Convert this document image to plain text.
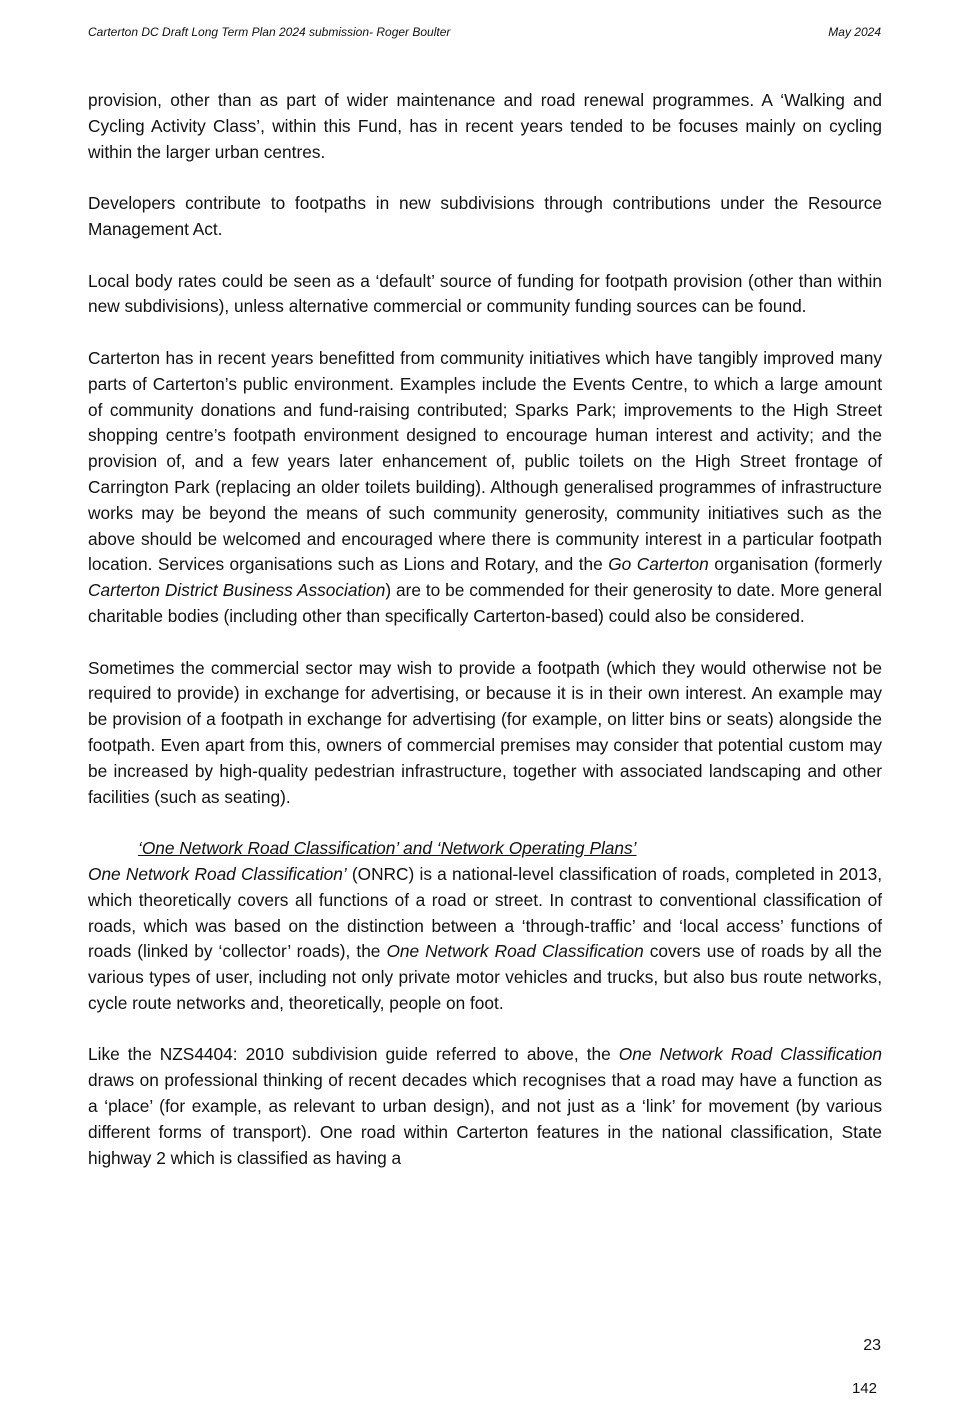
Carterton DC Draft Long Term Plan 2024 submission- Roger Boulter	May 2024

provision, other than as part of wider maintenance and road renewal programmes. A ‘Walking and Cycling Activity Class’, within this Fund, has in recent years tended to be focuses mainly on cycling within the larger urban centres.

Developers contribute to footpaths in new subdivisions through contributions under the Resource Management Act.

Local body rates could be seen as a ‘default’ source of funding for footpath provision (other than within new subdivisions), unless alternative commercial or community funding sources can be found.

Carterton has in recent years benefitted from community initiatives which have tangibly improved many parts of Carterton’s public environment. Examples include the Events Centre, to which a large amount of community donations and fund-raising contributed; Sparks Park; improvements to the High Street shopping centre’s footpath environment designed to encourage human interest and activity; and the provision of, and a few years later enhancement of, public toilets on the High Street frontage of Carrington Park (replacing an older toilets building). Although generalised programmes of infrastructure works may be beyond the means of such community generosity, community initiatives such as the above should be welcomed and encouraged where there is community interest in a particular footpath location. Services organisations such as Lions and Rotary, and the Go Carterton organisation (formerly Carterton District Business Association) are to be commended for their generosity to date. More general charitable bodies (including other than specifically Carterton-based) could also be considered.

Sometimes the commercial sector may wish to provide a footpath (which they would otherwise not be required to provide) in exchange for advertising, or because it is in their own interest. An example may be provision of a footpath in exchange for advertising (for example, on litter bins or seats) alongside the footpath. Even apart from this, owners of commercial premises may consider that potential custom may be increased by high-quality pedestrian infrastructure, together with associated landscaping and other facilities (such as seating).

‘One Network Road Classification’ and ‘Network Operating Plans’

One Network Road Classification’ (ONRC) is a national-level classification of roads, completed in 2013, which theoretically covers all functions of a road or street. In contrast to conventional classification of roads, which was based on the distinction between a ‘through-traffic’ and ‘local access’ functions of roads (linked by ‘collector’ roads), the One Network Road Classification covers use of roads by all the various types of user, including not only private motor vehicles and trucks, but also bus route networks, cycle route networks and, theoretically, people on foot.

Like the NZS4404: 2010 subdivision guide referred to above, the One Network Road Classification draws on professional thinking of recent decades which recognises that a road may have a function as a ‘place’ (for example, as relevant to urban design), and not just as a ‘link’ for movement (by various different forms of transport). One road within Carterton features in the national classification, State highway 2 which is classified as having a

23
142
